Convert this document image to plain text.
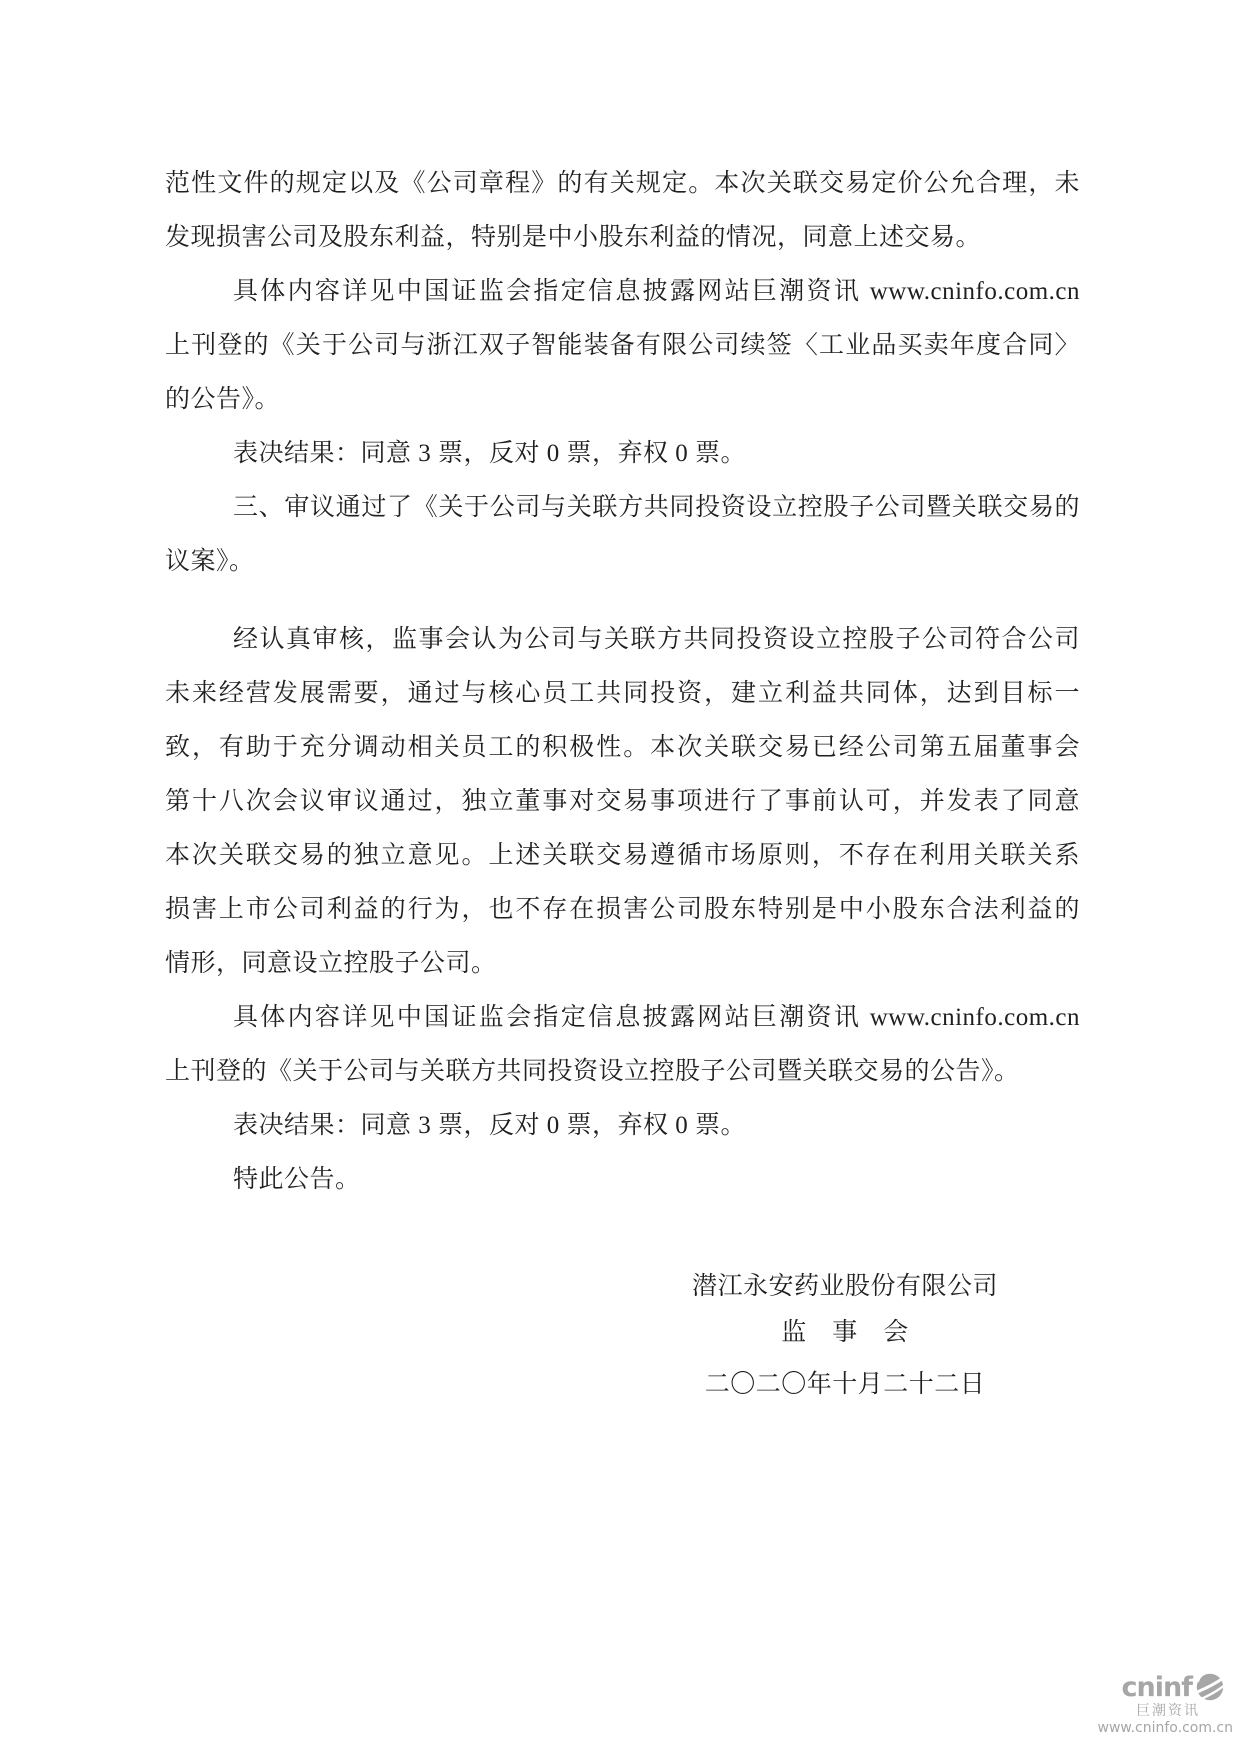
范性文件的规定以及《公司章程》的有关规定。本次关联交易定价公允合理，未
发现损害公司及股东利益，特别是中小股东利益的情况，同意上述交易。
具体内容详见中国证监会指定信息披露网站巨潮资讯 www.cninfo.com.cn
上刊登的《关于公司与浙江双子智能装备有限公司续签〈工业品买卖年度合同〉
的公告》。
表决结果：同意 3 票，反对 0 票，弃权 0 票。
三、审议通过了《关于公司与关联方共同投资设立控股子公司暨关联交易的
议案》。
经认真审核，监事会认为公司与关联方共同投资设立控股子公司符合公司
未来经营发展需要，通过与核心员工共同投资，建立利益共同体，达到目标一
致，有助于充分调动相关员工的积极性。本次关联交易已经公司第五届董事会
第十八次会议审议通过，独立董事对交易事项进行了事前认可，并发表了同意
本次关联交易的独立意见。上述关联交易遵循市场原则，不存在利用关联关系
损害上市公司利益的行为，也不存在损害公司股东特别是中小股东合法利益的
情形，同意设立控股子公司。
具体内容详见中国证监会指定信息披露网站巨潮资讯 www.cninfo.com.cn
上刊登的《关于公司与关联方共同投资设立控股子公司暨关联交易的公告》。
表决结果：同意 3 票，反对 0 票，弃权 0 票。
特此公告。
潜江永安药业股份有限公司
监　事　会
二〇二〇年十月二十二日
cninf
巨潮资讯
www.cninfo.com.cn
